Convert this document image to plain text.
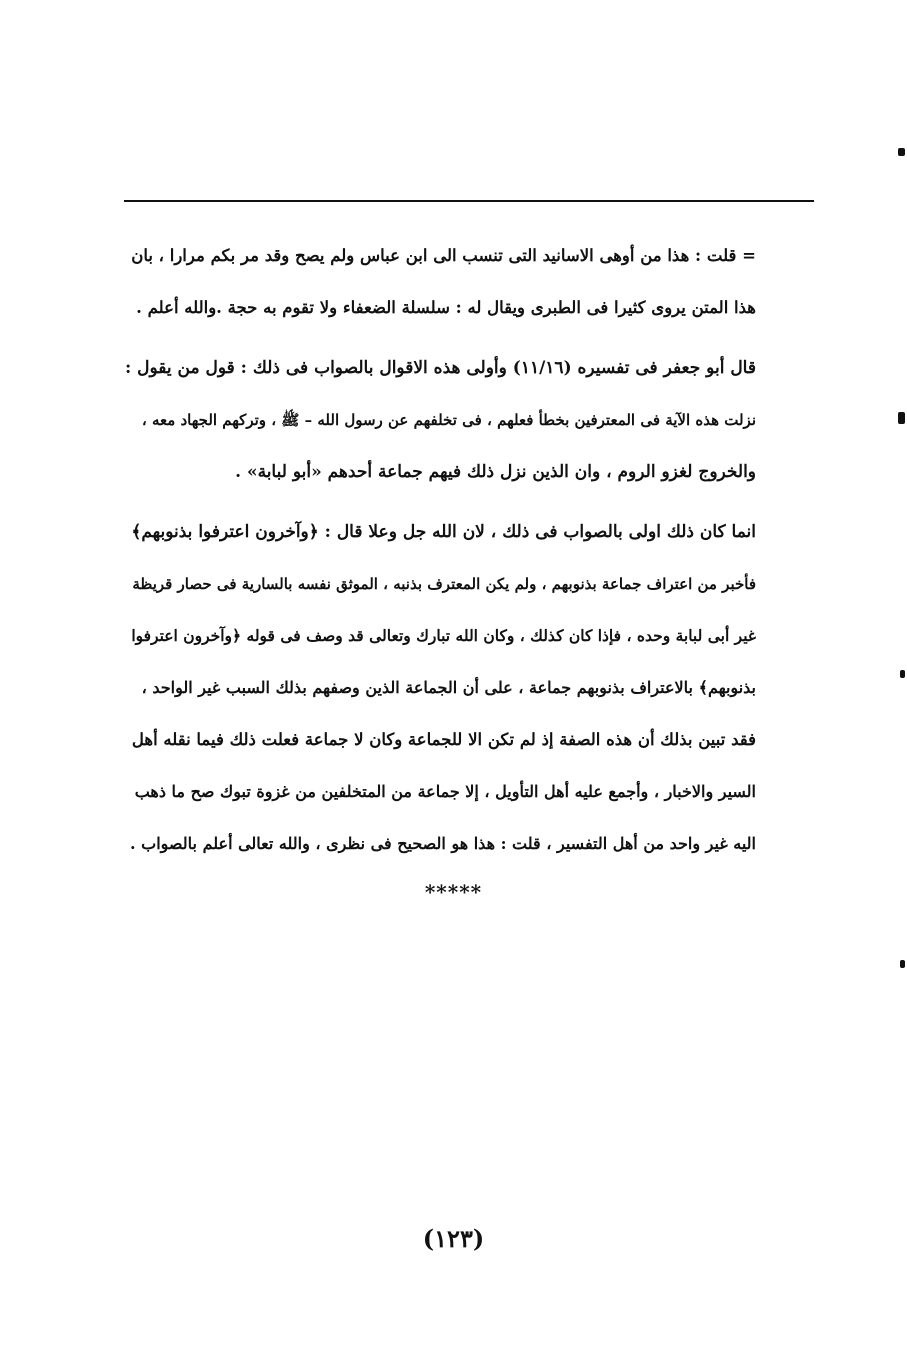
= قلت : هذا من أوهى الاسانيد التى تنسب الى ابن عباس ولم يصح وقد مر بكم مرارا ، بان
هذا المتن يروى كثيرا فى الطبرى ويقال له : سلسلة الضعفاء ولا تقوم به حجة .والله أعلم .
قال أبو جعفر فى تفسيره (١١/١٦) وأولى هذه الاقوال بالصواب فى ذلك : قول من يقول :
نزلت هذه الآية فى المعترفين بخطأ فعلهم ، فى تخلفهم عن رسول الله – ﷺ ، وتركهم الجهاد معه ،
والخروج لغزو الروم ، وان الذين نزل ذلك فيهم جماعة أحدهم «أبو لبابة» .
انما كان ذلك اولى بالصواب فى ذلك ، لان الله جل وعلا قال : ﴿وآخرون اعترفوا بذنوبهم﴾
فأخبر من اعتراف جماعة بذنوبهم ، ولم يكن المعترف بذنبه ، الموثق نفسه بالسارية فى حصار قريظة
غير أبى لبابة وحده ، فإذا كان كذلك ، وكان الله تبارك وتعالى قد وصف فى قوله ﴿وآخرون اعترفوا
بذنوبهم﴾ بالاعتراف بذنوبهم جماعة ، على أن الجماعة الذين وصفهم بذلك السبب غير الواحد ،
فقد تبين بذلك أن هذه الصفة إذ لم تكن الا للجماعة وكان لا جماعة فعلت ذلك فيما نقله أهل
السير والاخبار ، وأجمع عليه أهل التأويل ، إلا جماعة من المتخلفين من غزوة تبوك صح ما ذهب
اليه غير واحد من أهل التفسير ، قلت : هذا هو الصحيح فى نظرى ، والله تعالى أعلم بالصواب .
*****
(١٢٣)
